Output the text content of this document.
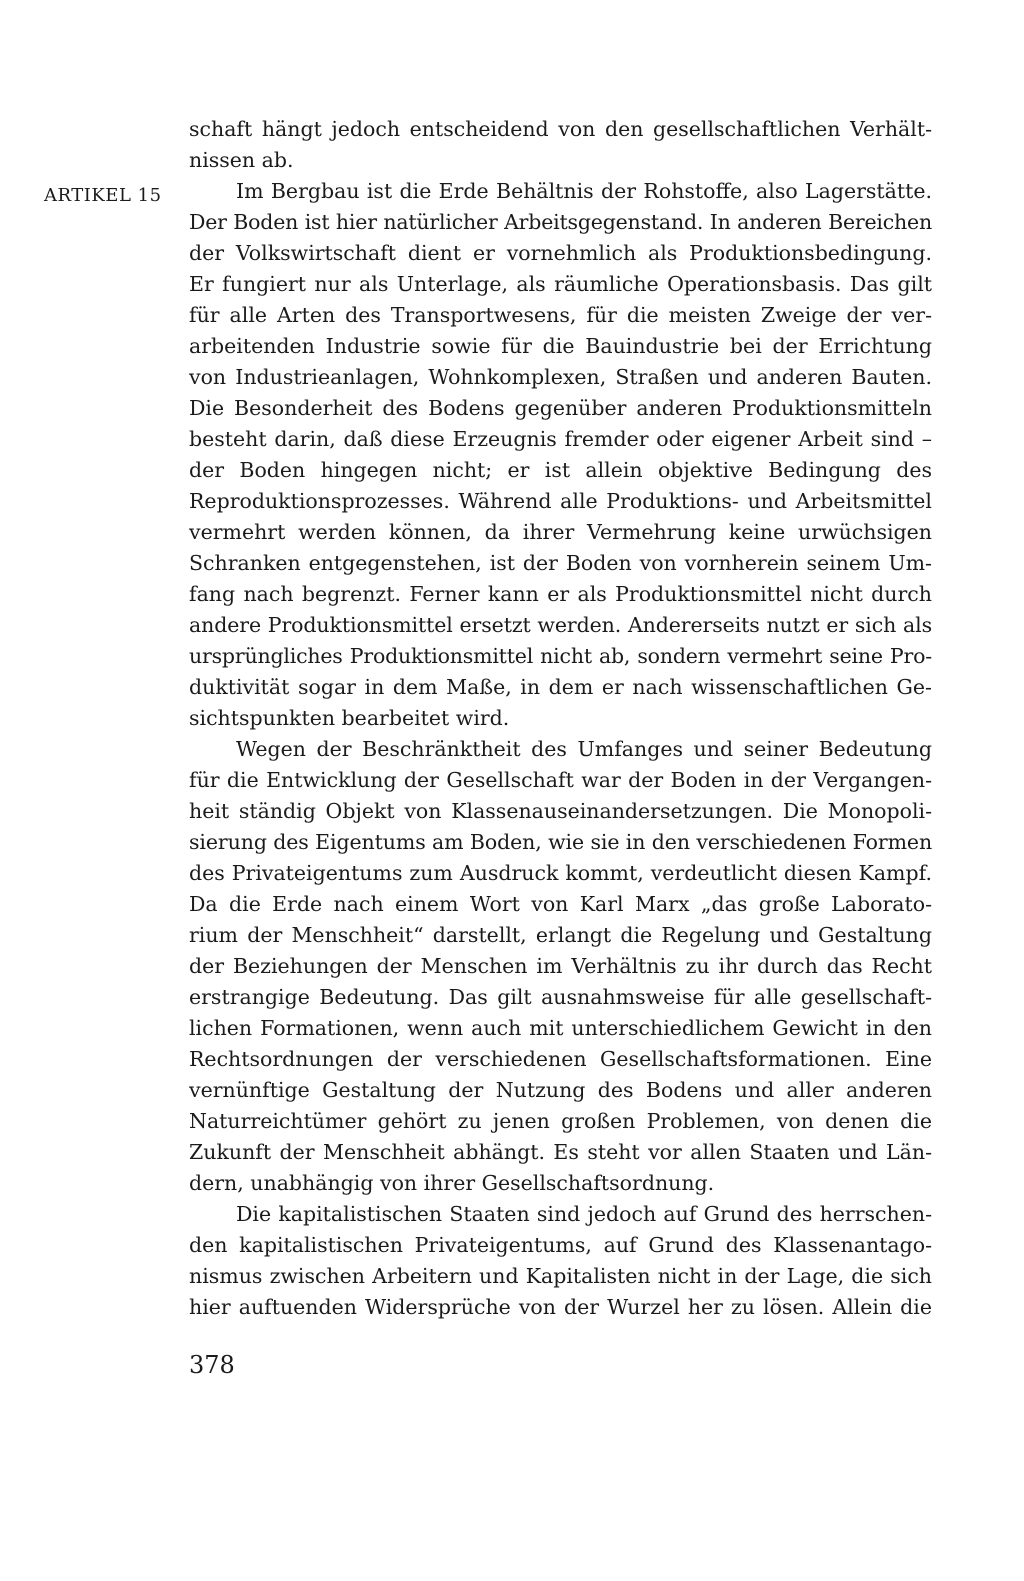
ARTIKEL 15
schaft hängt jedoch entscheidend von den gesellschaftlichen Verhält-
nissen ab.
Im Bergbau ist die Erde Behältnis der Rohstoffe, also Lagerstätte.
Der Boden ist hier natürlicher Arbeitsgegenstand. In anderen Bereichen
der Volkswirtschaft dient er vornehmlich als Produktionsbedingung.
Er fungiert nur als Unterlage, als räumliche Operationsbasis. Das gilt
für alle Arten des Transportwesens, für die meisten Zweige der ver-
arbeitenden Industrie sowie für die Bauindustrie bei der Errichtung
von Industrieanlagen, Wohnkomplexen, Straßen und anderen Bauten.
Die Besonderheit des Bodens gegenüber anderen Produktionsmitteln
besteht darin, daß diese Erzeugnis fremder oder eigener Arbeit sind –
der Boden hingegen nicht; er ist allein objektive Bedingung des
Reproduktionsprozesses. Während alle Produktions- und Arbeitsmittel
vermehrt werden können, da ihrer Vermehrung keine urwüchsigen
Schranken entgegenstehen, ist der Boden von vornherein seinem Um-
fang nach begrenzt. Ferner kann er als Produktionsmittel nicht durch
andere Produktionsmittel ersetzt werden. Andererseits nutzt er sich als
ursprüngliches Produktionsmittel nicht ab, sondern vermehrt seine Pro-
duktivität sogar in dem Maße, in dem er nach wissenschaftlichen Ge-
sichtspunkten bearbeitet wird.
Wegen der Beschränktheit des Umfanges und seiner Bedeutung
für die Entwicklung der Gesellschaft war der Boden in der Vergangen-
heit ständig Objekt von Klassenauseinandersetzungen. Die Monopoli-
sierung des Eigentums am Boden, wie sie in den verschiedenen Formen
des Privateigentums zum Ausdruck kommt, verdeutlicht diesen Kampf.
Da die Erde nach einem Wort von Karl Marx „das große Laborato-
rium der Menschheit“ darstellt, erlangt die Regelung und Gestaltung
der Beziehungen der Menschen im Verhältnis zu ihr durch das Recht
erstrangige Bedeutung. Das gilt ausnahmsweise für alle gesellschaft-
lichen Formationen, wenn auch mit unterschiedlichem Gewicht in den
Rechtsordnungen der verschiedenen Gesellschaftsformationen. Eine
vernünftige Gestaltung der Nutzung des Bodens und aller anderen
Naturreichtümer gehört zu jenen großen Problemen, von denen die
Zukunft der Menschheit abhängt. Es steht vor allen Staaten und Län-
dern, unabhängig von ihrer Gesellschaftsordnung.
Die kapitalistischen Staaten sind jedoch auf Grund des herrschen-
den kapitalistischen Privateigentums, auf Grund des Klassenantago-
nismus zwischen Arbeitern und Kapitalisten nicht in der Lage, die sich
hier auftuenden Widersprüche von der Wurzel her zu lösen. Allein die
378
